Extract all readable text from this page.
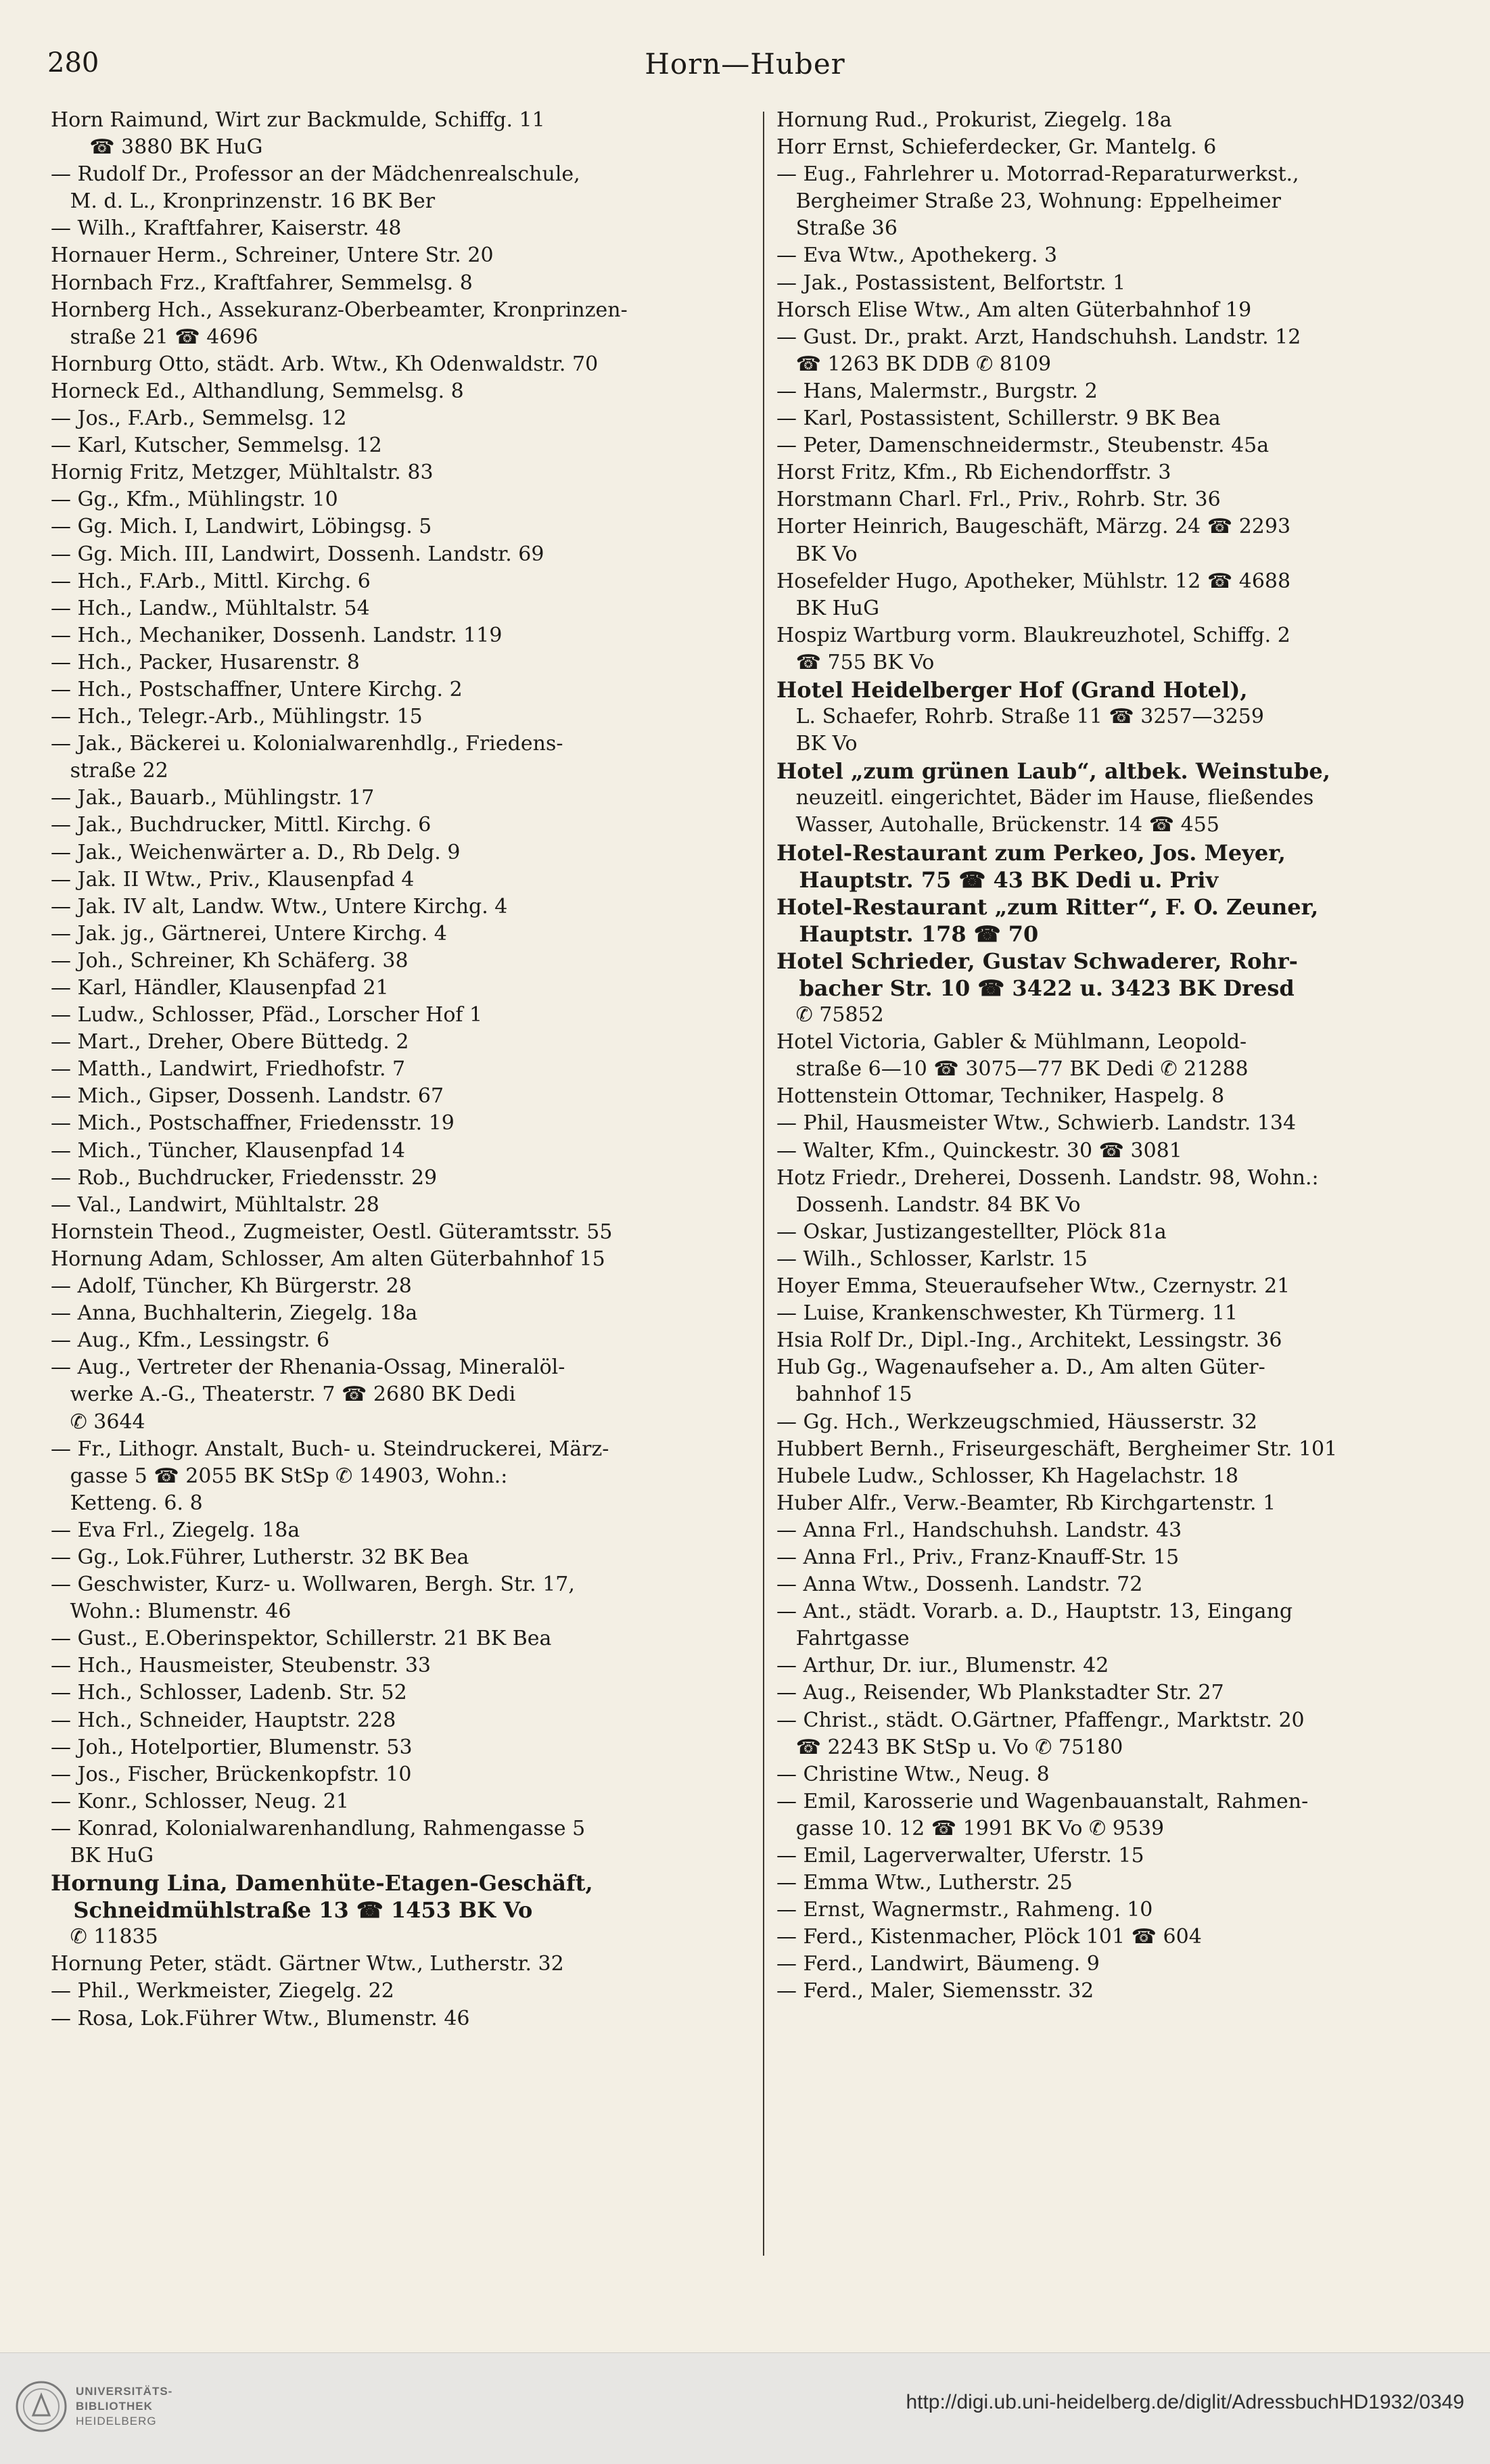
280	Horn—Huber
Horn Raimund, Wirt zur Backmulde, Schiffg. 11
☎ 3880 BK HuG
— Rudolf Dr., Professor an der Mädchenrealschule,
M. d. L., Kronprinzenstr. 16 BK Ber
— Wilh., Kraftfahrer, Kaiserstr. 48
Hornauer Herm., Schreiner, Untere Str. 20
Hornbach Frz., Kraftfahrer, Semmelsg. 8
Hornberg Hch., Assekuranz-Oberbeamter, Kronprinzen-
straße 21 ☎ 4696
Hornburg Otto, städt. Arb. Wtw., Kh Odenwaldstr. 70
Horneck Ed., Althandlung, Semmelsg. 8
— Jos., F.Arb., Semmelsg. 12
— Karl, Kutscher, Semmelsg. 12
Hornig Fritz, Metzger, Mühltalstr. 83
— Gg., Kfm., Mühlingstr. 10
— Gg. Mich. I, Landwirt, Löbingsg. 5
— Gg. Mich. III, Landwirt, Dossenh. Landstr. 69
— Hch., F.Arb., Mittl. Kirchg. 6
— Hch., Landw., Mühltalstr. 54
— Hch., Mechaniker, Dossenh. Landstr. 119
— Hch., Packer, Husarenstr. 8
— Hch., Postschaffner, Untere Kirchg. 2
— Hch., Telegr.-Arb., Mühlingstr. 15
— Jak., Bäckerei u. Kolonialwarenhdlg., Friedens-
straße 22
— Jak., Bauarb., Mühlingstr. 17
— Jak., Buchdrucker, Mittl. Kirchg. 6
— Jak., Weichenwärter a. D., Rb Delg. 9
— Jak. II Wtw., Priv., Klausenpfad 4
— Jak. IV alt, Landw. Wtw., Untere Kirchg. 4
— Jak. jg., Gärtnerei, Untere Kirchg. 4
— Joh., Schreiner, Kh Schäferg. 38
— Karl, Händler, Klausenpfad 21
— Ludw., Schlosser, Pfäd., Lorscher Hof 1
— Mart., Dreher, Obere Büttedg. 2
— Matth., Landwirt, Friedhofstr. 7
— Mich., Gipser, Dossenh. Landstr. 67
— Mich., Postschaffner, Friedensstr. 19
— Mich., Tüncher, Klausenpfad 14
— Rob., Buchdrucker, Friedensstr. 29
— Val., Landwirt, Mühltalstr. 28
Hornstein Theod., Zugmeister, Oestl. Güteramtsstr. 55
Hornung Adam, Schlosser, Am alten Güterbahnhof 15
— Adolf, Tüncher, Kh Bürgerstr. 28
— Anna, Buchhalterin, Ziegelg. 18a
— Aug., Kfm., Lessingstr. 6
— Aug., Vertreter der Rhenania-Ossag, Mineralöl-
werke A.-G., Theaterstr. 7 ☎ 2680 BK Dedi
✆ 3644
— Fr., Lithogr. Anstalt, Buch- u. Steindruckerei, März-
gasse 5 ☎ 2055 BK StSp ✆ 14903, Wohn.:
Ketteng. 6. 8
— Eva Frl., Ziegelg. 18a
— Gg., Lok.Führer, Lutherstr. 32 BK Bea
— Geschwister, Kurz- u. Wollwaren, Bergh. Str. 17,
Wohn.: Blumenstr. 46
— Gust., E.Oberinspektor, Schillerstr. 21 BK Bea
— Hch., Hausmeister, Steubenstr. 33
— Hch., Schlosser, Ladenb. Str. 52
— Hch., Schneider, Hauptstr. 228
— Joh., Hotelportier, Blumenstr. 53
— Jos., Fischer, Brückenkopfstr. 10
— Konr., Schlosser, Neug. 21
— Konrad, Kolonialwarenhandlung, Rahmengasse 5
BK HuG
Hornung Lina, Damenhüte-Etagen-Geschäft,
Schneidmühlstraße 13 ☎ 1453 BK Vo
✆ 11835
Hornung Peter, städt. Gärtner Wtw., Lutherstr. 32
— Phil., Werkmeister, Ziegelg. 22
— Rosa, Lok.Führer Wtw., Blumenstr. 46
Hornung Rud., Prokurist, Ziegelg. 18a
Horr Ernst, Schieferdecker, Gr. Mantelg. 6
— Eug., Fahrlehrer u. Motorrad-Reparaturwerkst.,
Bergheimer Straße 23, Wohnung: Eppelheimer
Straße 36
— Eva Wtw., Apothekerg. 3
— Jak., Postassistent, Belfortstr. 1
Horsch Elise Wtw., Am alten Güterbahnhof 19
— Gust. Dr., prakt. Arzt, Handschuhsh. Landstr. 12
☎ 1263 BK DDB ✆ 8109
— Hans, Malermstr., Burgstr. 2
— Karl, Postassistent, Schillerstr. 9 BK Bea
— Peter, Damenschneidermstr., Steubenstr. 45a
Horst Fritz, Kfm., Rb Eichendorffstr. 3
Horstmann Charl. Frl., Priv., Rohrb. Str. 36
Horter Heinrich, Baugeschäft, Märzg. 24 ☎ 2293
BK Vo
Hosefelder Hugo, Apotheker, Mühlstr. 12 ☎ 4688
BK HuG
Hospiz Wartburg vorm. Blaukreuzhotel, Schiffg. 2
☎ 755 BK Vo
Hotel Heidelberger Hof (Grand Hotel),
L. Schaefer, Rohrb. Straße 11 ☎ 3257—3259
BK Vo
Hotel „zum grünen Laub“, altbek. Weinstube,
neuzeitl. eingerichtet, Bäder im Hause, fließendes
Wasser, Autohalle, Brückenstr. 14 ☎ 455
Hotel-Restaurant zum Perkeo, Jos. Meyer,
Hauptstr. 75 ☎ 43 BK Dedi u. Priv
Hotel-Restaurant „zum Ritter“, F. O. Zeuner,
Hauptstr. 178 ☎ 70
Hotel Schrieder, Gustav Schwaderer, Rohr-
bacher Str. 10 ☎ 3422 u. 3423 BK Dresd
✆ 75852
Hotel Victoria, Gabler & Mühlmann, Leopold-
straße 6—10 ☎ 3075—77 BK Dedi ✆ 21288
Hottenstein Ottomar, Techniker, Haspelg. 8
— Phil, Hausmeister Wtw., Schwierb. Landstr. 134
— Walter, Kfm., Quinckestr. 30 ☎ 3081
Hotz Friedr., Dreherei, Dossenh. Landstr. 98, Wohn.:
Dossenh. Landstr. 84 BK Vo
— Oskar, Justizangestellter, Plöck 81a
— Wilh., Schlosser, Karlstr. 15
Hoyer Emma, Steueraufseher Wtw., Czernystr. 21
— Luise, Krankenschwester, Kh Türmerg. 11
Hsia Rolf Dr., Dipl.-Ing., Architekt, Lessingstr. 36
Hub Gg., Wagenaufseher a. D., Am alten Güter-
bahnhof 15
— Gg. Hch., Werkzeugschmied, Häusserstr. 32
Hubbert Bernh., Friseurgeschäft, Bergheimer Str. 101
Hubele Ludw., Schlosser, Kh Hagelachstr. 18
Huber Alfr., Verw.-Beamter, Rb Kirchgartenstr. 1
— Anna Frl., Handschuhsh. Landstr. 43
— Anna Frl., Priv., Franz-Knauff-Str. 15
— Anna Wtw., Dossenh. Landstr. 72
— Ant., städt. Vorarb. a. D., Hauptstr. 13, Eingang
Fahrtgasse
— Arthur, Dr. iur., Blumenstr. 42
— Aug., Reisender, Wb Plankstadter Str. 27
— Christ., städt. O.Gärtner, Pfaffengr., Marktstr. 20
☎ 2243 BK StSp u. Vo ✆ 75180
— Christine Wtw., Neug. 8
— Emil, Karosserie und Wagenbauanstalt, Rahmen-
gasse 10. 12 ☎ 1991 BK Vo ✆ 9539
— Emil, Lagerverwalter, Uferstr. 15
— Emma Wtw., Lutherstr. 25
— Ernst, Wagnermstr., Rahmeng. 10
— Ferd., Kistenmacher, Plöck 101 ☎ 604
— Ferd., Landwirt, Bäumeng. 9
— Ferd., Maler, Siemensstr. 32
UNIVERSITÄTS-
BIBLIOTHEK
HEIDELBERG
http://digi.ub.uni-heidelberg.de/diglit/AdressbuchHD1932/0349
